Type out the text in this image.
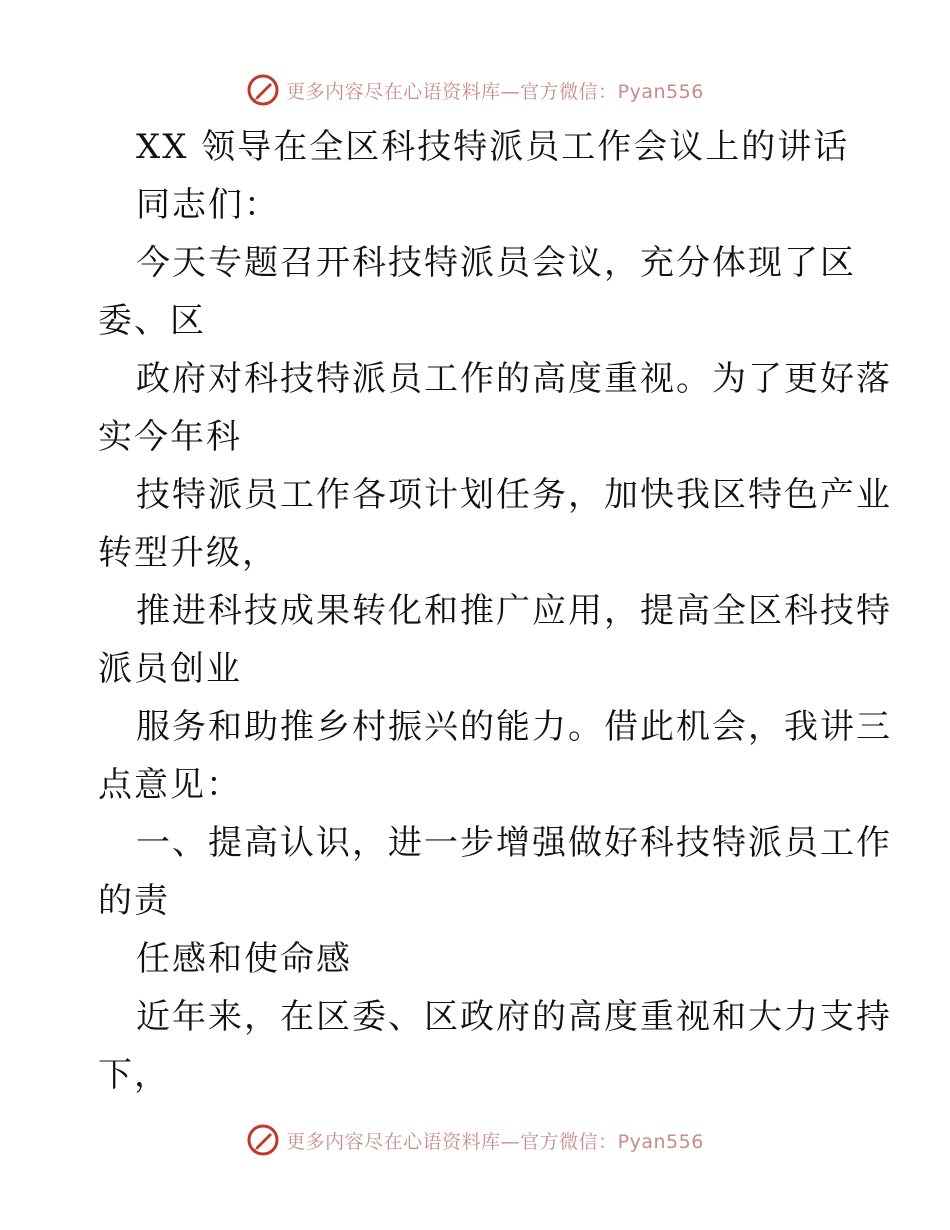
更多内容尽在心语资料库—官方微信：Pyan556
XX 领导在全区科技特派员工作会议上的讲话
同志们：
今天专题召开科技特派员会议，充分体现了区
委、区
政府对科技特派员工作的高度重视。为了更好落
实今年科
技特派员工作各项计划任务，加快我区特色产业
转型升级，
推进科技成果转化和推广应用，提高全区科技特
派员创业
服务和助推乡村振兴的能力。借此机会，我讲三
点意见：
一、提高认识，进一步增强做好科技特派员工作
的责
任感和使命感
近年来，在区委、区政府的高度重视和大力支持
下，
更多内容尽在心语资料库—官方微信：Pyan556
